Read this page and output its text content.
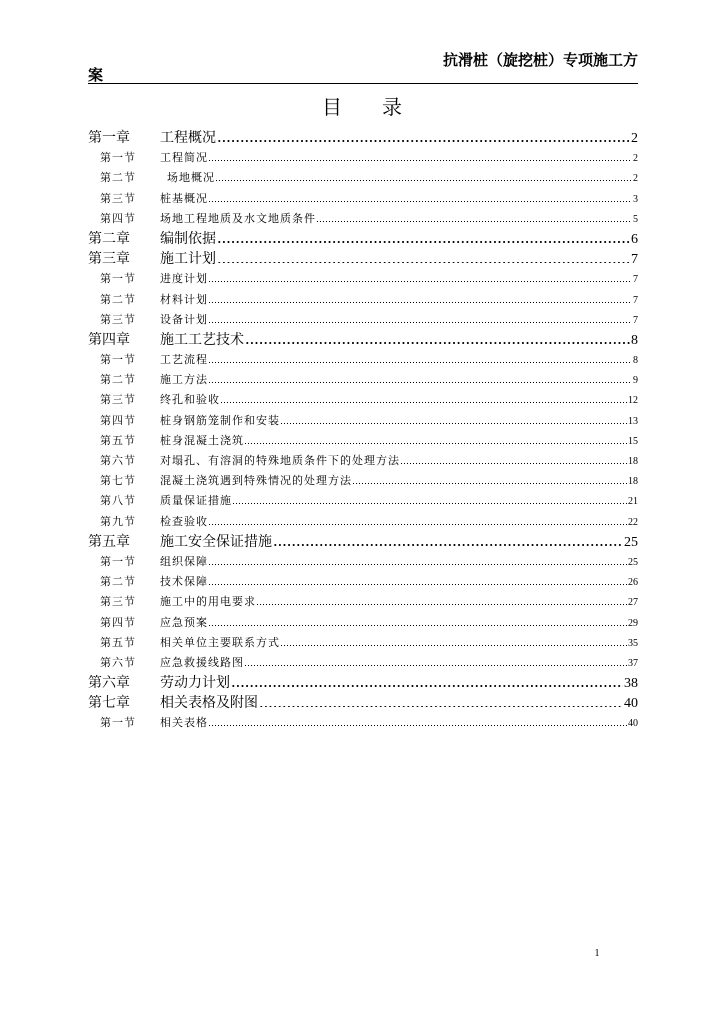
抗滑桩（旋挖桩）专项施工方
案
目　　录
第一章	工程概况	2
第一节	工程简况	2
第二节	场地概况	2
第三节	桩基概况	3
第四节	场地工程地质及水文地质条件	5
第二章	编制依据	6
第三章	施工计划	7
第一节	进度计划	7
第二节	材料计划	7
第三节	设备计划	7
第四章	施工工艺技术	8
第一节	工艺流程	8
第二节	施工方法	9
第三节	终孔和验收	12
第四节	桩身钢筋笼制作和安装	13
第五节	桩身混凝土浇筑	15
第六节	对塌孔、有溶洞的特殊地质条件下的处理方法	18
第七节	混凝土浇筑遇到特殊情况的处理方法	18
第八节	质量保证措施	21
第九节	检查验收	22
第五章	施工安全保证措施	25
第一节	组织保障	25
第二节	技术保障	26
第三节	施工中的用电要求	27
第四节	应急预案	29
第五节	相关单位主要联系方式	35
第六节	应急救援线路图	37
第六章	劳动力计划	38
第七章	相关表格及附图	40
第一节	相关表格	40
1
